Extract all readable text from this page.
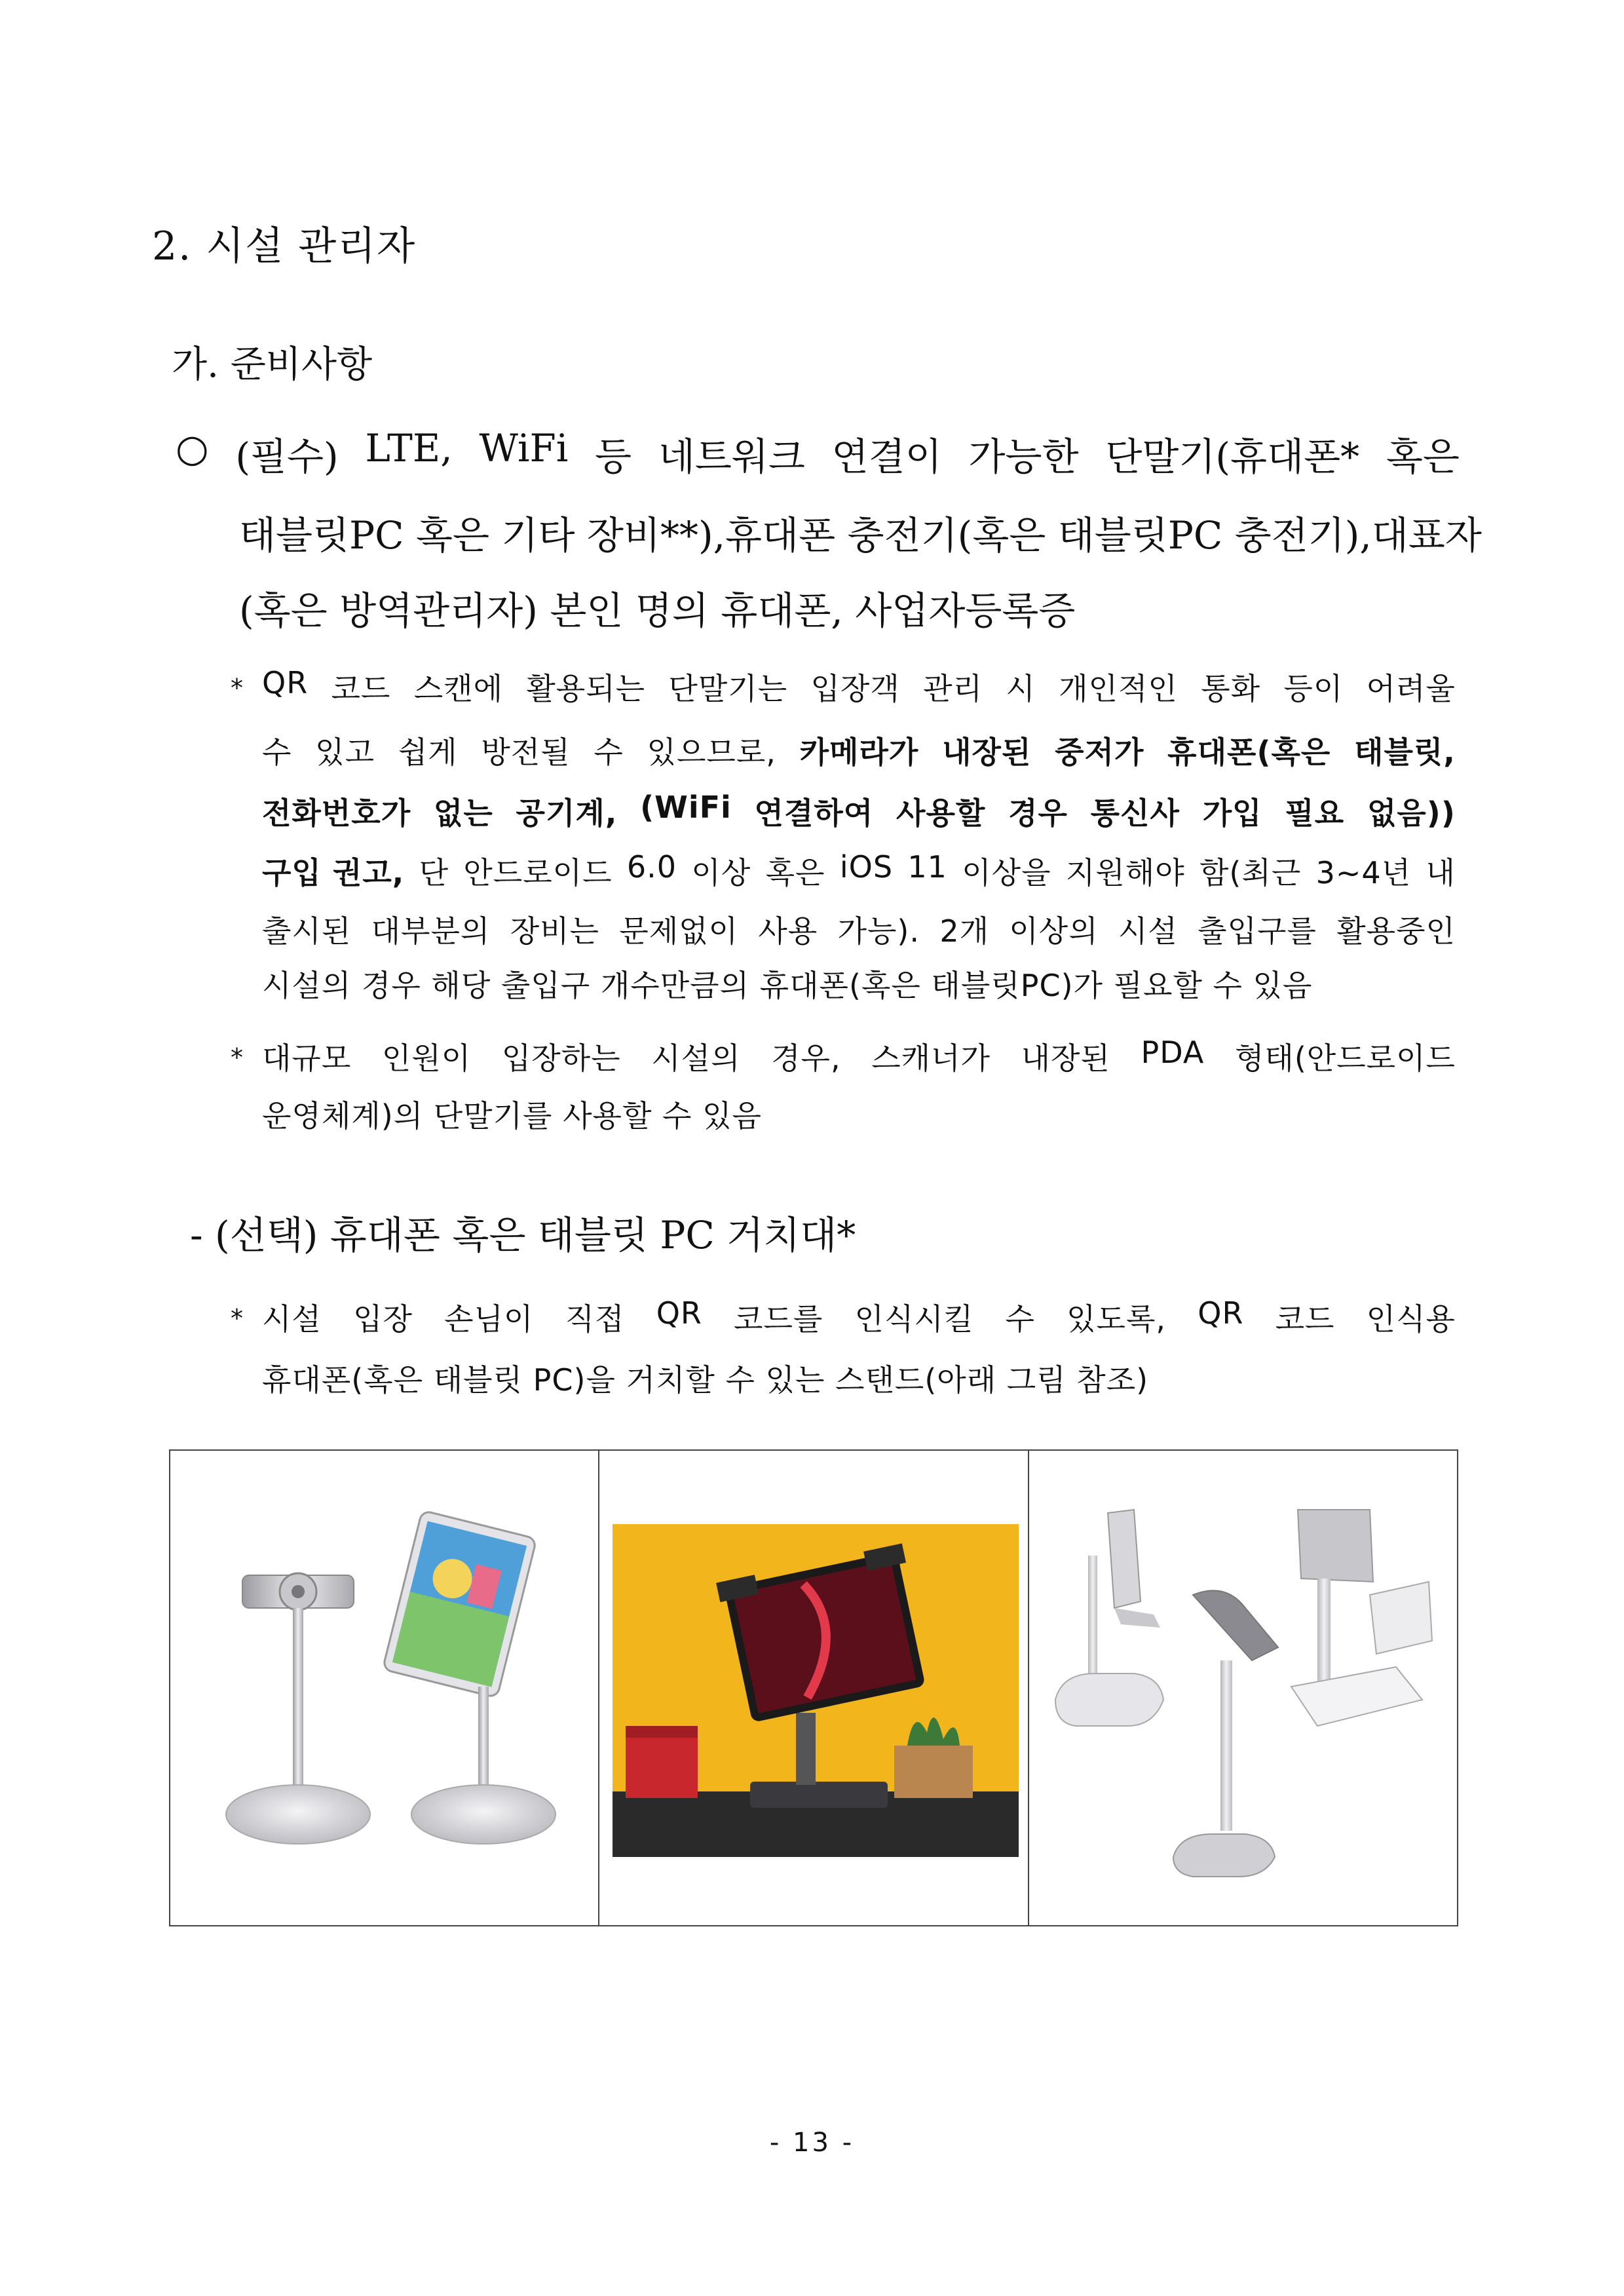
2. 시설 관리자
가. 준비사항
○ (필수) LTE, WiFi 등 네트워크 연결이 가능한 단말기(휴대폰* 혹은
태블릿PC 혹은 기타 장비**), 휴대폰 충전기(혹은 태블릿PC 충전기), 대표자
(혹은 방역관리자) 본인 명의 휴대폰, 사업자등록증
* QR 코드 스캔에 활용되는 단말기는 입장객 관리 시 개인적인 통화 등이 어려울
수 있고 쉽게 방전될 수 있으므로, 카메라가 내장된 중저가 휴대폰(혹은 태블릿,
전화번호가 없는 공기계, (WiFi 연결하여 사용할 경우 통신사 가입 필요 없음))
구입 권고, 단 안드로이드 6.0 이상 혹은 iOS 11 이상을 지원해야 함(최근 3~4년 내
출시된 대부분의 장비는 문제없이 사용 가능). 2개 이상의 시설 출입구를 활용중인
시설의 경우 해당 출입구 개수만큼의 휴대폰(혹은 태블릿PC)가 필요할 수 있음
* 대규모 인원이 입장하는 시설의 경우, 스캐너가 내장된 PDA 형태(안드로이드
운영체계)의 단말기를 사용할 수 있음
- (선택) 휴대폰 혹은 태블릿 PC 거치대*
* 시설 입장 손님이 직접 QR 코드를 인식시킬 수 있도록, QR 코드 인식용
휴대폰(혹은 태블릿 PC)을 거치할 수 있는 스탠드(아래 그림 참조)
- 13 -
